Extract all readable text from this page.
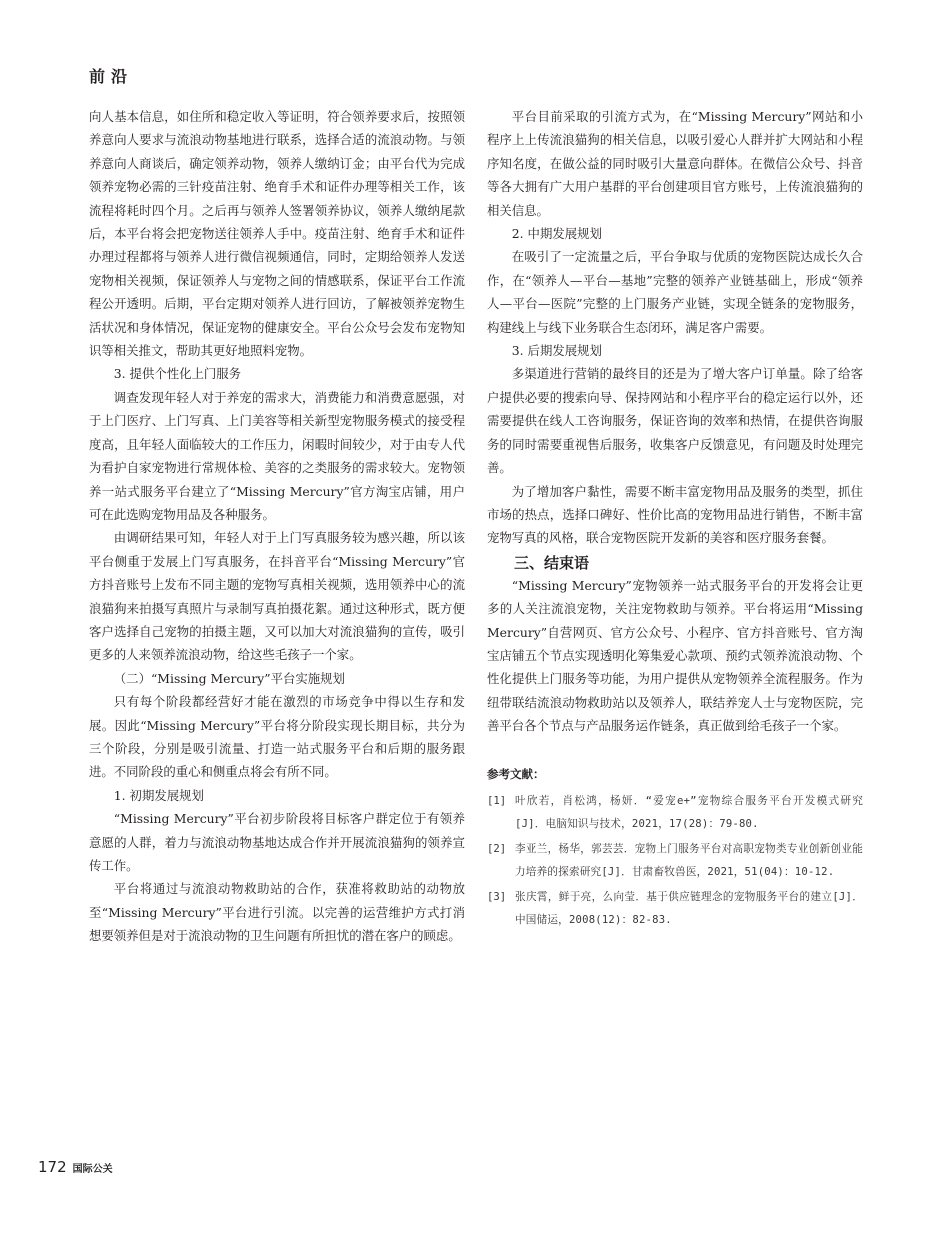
前沿
向人基本信息，如住所和稳定收入等证明，符合领养要求后，按照领养意向人要求与流浪动物基地进行联系，选择合适的流浪动物。与领养意向人商谈后，确定领养动物，领养人缴纳订金；由平台代为完成领养宠物必需的三针疫苗注射、绝育手术和证件办理等相关工作，该流程将耗时四个月。之后再与领养人签署领养协议，领养人缴纳尾款后，本平台将会把宠物送往领养人手中。疫苗注射、绝育手术和证件办理过程都将与领养人进行微信视频通信，同时，定期给领养人发送宠物相关视频，保证领养人与宠物之间的情感联系，保证平台工作流程公开透明。后期，平台定期对领养人进行回访，了解被领养宠物生活状况和身体情况，保证宠物的健康安全。平台公众号会发布宠物知识等相关推文，帮助其更好地照料宠物。
3. 提供个性化上门服务
调查发现年轻人对于养宠的需求大，消费能力和消费意愿强，对于上门医疗、上门写真、上门美容等相关新型宠物服务模式的接受程度高，且年轻人面临较大的工作压力，闲暇时间较少，对于由专人代为看护自家宠物进行常规体检、美容的之类服务的需求较大。宠物领养一站式服务平台建立了“Missing Mercury”官方淘宝店铺，用户可在此选购宠物用品及各种服务。
由调研结果可知，年轻人对于上门写真服务较为感兴趣，所以该平台侧重于发展上门写真服务，在抖音平台“Missing Mercury”官方抖音账号上发布不同主题的宠物写真相关视频，选用领养中心的流浪猫狗来拍摄写真照片与录制写真拍摄花絮。通过这种形式，既方便客户选择自己宠物的拍摄主题，又可以加大对流浪猫狗的宣传，吸引更多的人来领养流浪动物，给这些毛孩子一个家。
（二）“Missing Mercury”平台实施规划
只有每个阶段都经营好才能在激烈的市场竞争中得以生存和发展。因此“Missing Mercury”平台将分阶段实现长期目标，共分为三个阶段，分别是吸引流量、打造一站式服务平台和后期的服务跟进。不同阶段的重心和侧重点将会有所不同。
1. 初期发展规划
“Missing Mercury”平台初步阶段将目标客户群定位于有领养意愿的人群，着力与流浪动物基地达成合作并开展流浪猫狗的领养宣传工作。
平台将通过与流浪动物救助站的合作，获准将救助站的动物放至“Missing Mercury”平台进行引流。以完善的运营维护方式打消想要领养但是对于流浪动物的卫生问题有所担忧的潜在客户的顾虑。
平台目前采取的引流方式为，在“Missing Mercury”网站和小程序上上传流浪猫狗的相关信息，以吸引爱心人群并扩大网站和小程序知名度，在做公益的同时吸引大量意向群体。在微信公众号、抖音等各大拥有广大用户基群的平台创建项目官方账号，上传流浪猫狗的相关信息。
2. 中期发展规划
在吸引了一定流量之后，平台争取与优质的宠物医院达成长久合作，在“领养人—平台—基地”完整的领养产业链基础上，形成“领养人—平台—医院”完整的上门服务产业链，实现全链条的宠物服务，构建线上与线下业务联合生态闭环，满足客户需要。
3. 后期发展规划
多渠道进行营销的最终目的还是为了增大客户订单量。除了给客户提供必要的搜索向导、保持网站和小程序平台的稳定运行以外，还需要提供在线人工咨询服务，保证咨询的效率和热情，在提供咨询服务的同时需要重视售后服务，收集客户反馈意见，有问题及时处理完善。
为了增加客户黏性，需要不断丰富宠物用品及服务的类型，抓住市场的热点，选择口碑好、性价比高的宠物用品进行销售，不断丰富宠物写真的风格，联合宠物医院开发新的美容和医疗服务套餐。
三、结束语
“Missing Mercury”宠物领养一站式服务平台的开发将会让更多的人关注流浪宠物，关注宠物救助与领养。平台将运用“Missing Mercury”自营网页、官方公众号、小程序、官方抖音账号、官方淘宝店铺五个节点实现透明化筹集爱心款项、预约式领养流浪动物、个性化提供上门服务等功能，为用户提供从宠物领养全流程服务。作为纽带联结流浪动物救助站以及领养人，联结养宠人士与宠物医院，完善平台各个节点与产品服务运作链条，真正做到给毛孩子一个家。
参考文献：
[1] 叶欣若，肖松鸿，杨妍．“爱宠e+”宠物综合服务平台开发模式研究[J]．电脑知识与技术，2021，17(28)：79-80.
[2] 李亚兰，杨华，郭芸芸．宠物上门服务平台对高职宠物类专业创新创业能力培养的探索研究[J]．甘肃畜牧兽医，2021，51(04)：10-12.
[3] 张庆霄，鲜于亮，么向莹．基于供应链理念的宠物服务平台的建立[J]．中国储运，2008(12)：82-83.
172 国际公关
